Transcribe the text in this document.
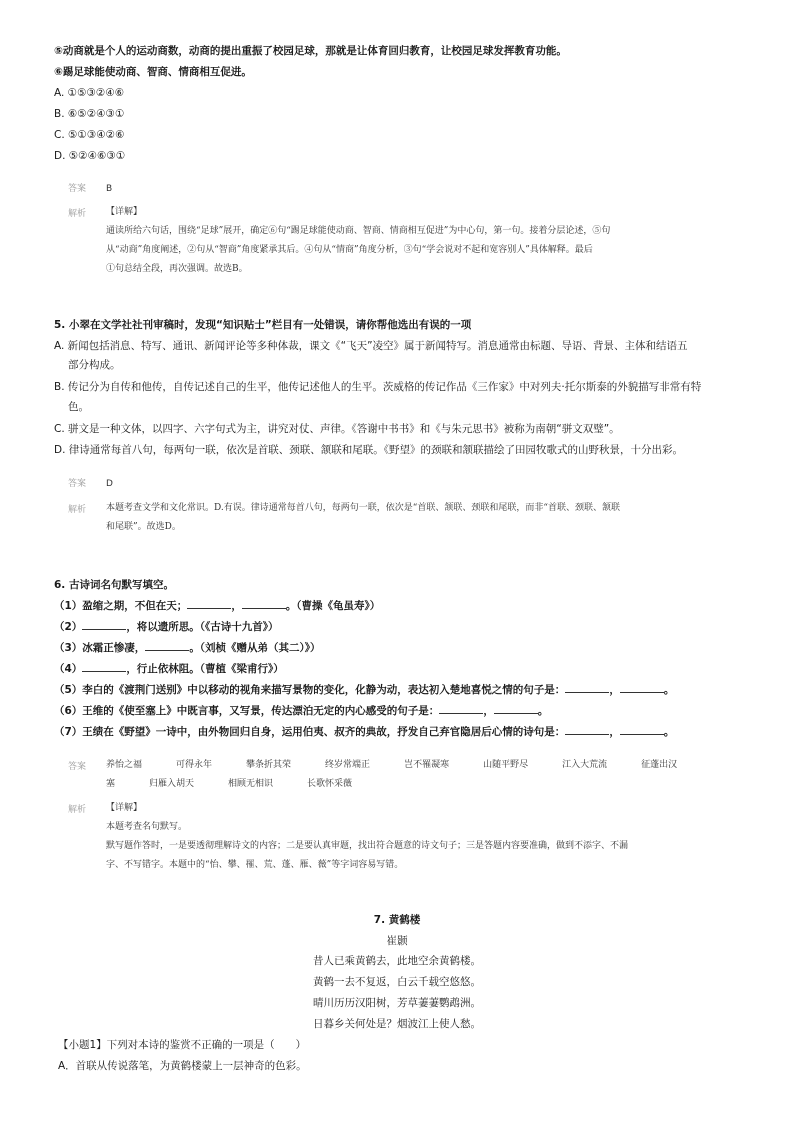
⑤动商就是个人的运动商数，动商的提出重振了校园足球，那就是让体育回归教育，让校园足球发挥教育功能。
⑥踢足球能使动商、智商、情商相互促进。
A. ①⑤③②④⑥
B. ⑥⑤②④③①
C. ⑤①③④②⑥
D. ⑤②④⑥③①
答案 B
解析 【详解】
通读所给六句话，围绕“足球”展开，确定⑥句“踢足球能使动商、智商、情商相互促进”为中心句，第一句。接着分层论述，⑤句
从“动商”角度阐述，②句从“智商”角度紧承其后。④句从“情商”角度分析，③句“学会说对不起和宽容别人”具体解释。最后
①句总结全段，再次强调。故选B。
5. 小翠在文学社社刊审稿时，发现“知识贴士”栏目有一处错误，请你帮他选出有误的一项
A. 新闻包括消息、特写、通讯、新闻评论等多种体裁，课文《“飞天”凌空》属于新闻特写。消息通常由标题、导语、背景、主体和结语五
部分构成。
B. 传记分为自传和他传，自传记述自己的生平，他传记述他人的生平。茨威格的传记作品《三作家》中对列夫·托尔斯泰的外貌描写非常有特
色。
C. 骈文是一种文体，以四字、六字句式为主，讲究对仗、声律。《答谢中书书》和《与朱元思书》被称为南朝“骈文双璧”。
D. 律诗通常每首八句，每两句一联，依次是首联、颈联、颔联和尾联。《野望》的颈联和颔联描绘了田园牧歌式的山野秋景，十分出彩。
答案 D
解析 本题考查文学和文化常识。D.有误。律诗通常每首八句，每两句一联，依次是“首联、颔联、颈联和尾联，而非“首联、颈联、颔联
和尾联”。故选D。
6. 古诗词名句默写填空。
（1）盈缩之期，不但在天；	，	。（曹操《龟虽寿》）
（2）	，将以遗所思。（《古诗十九首》）
（3）冰霜正惨凄，	。（刘桢《赠从弟（其二）》）
（4）	，行止依林阻。（曹植《梁甫行》）
（5）李白的《渡荆门送别》中以移动的视角来描写景物的变化，化静为动，表达初入楚地喜悦之情的句子是：	，	。
（6）王维的《使至塞上》中既言事，又写景，传达漂泊无定的内心感受的句子是：	，	。
（7）王绩在《野望》一诗中，由外物回归自身，运用伯夷、叔齐的典故，抒发自己弃官隐居后心情的诗句是：	，	。
答案 养怡之福	可得永年	攀条折其荣	终岁常端正	岂不罹凝寒	山随平野尽	江入大荒流	征蓬出汉
塞	归雁入胡天	相顾无相识	长歌怀采薇
解析 【详解】
本题考查名句默写。
默写题作答时，一是要透彻理解诗文的内容；二是要认真审题，找出符合题意的诗文句子；三是答题内容要准确，做到不添字、不漏
字、不写错字。本题中的“怡、攀、罹、荒、蓬、雁、薇”等字词容易写错。
7. 黄鹤楼
崔颢
昔人已乘黄鹤去，此地空余黄鹤楼。
黄鹤一去不复返，白云千载空悠悠。
晴川历历汉阳树，芳草萋萋鹦鹉洲。
日暮乡关何处是？烟波江上使人愁。
【小题1】下列对本诗的鉴赏不正确的一项是（　　）
A．首联从传说落笔，为黄鹤楼蒙上一层神奇的色彩。
